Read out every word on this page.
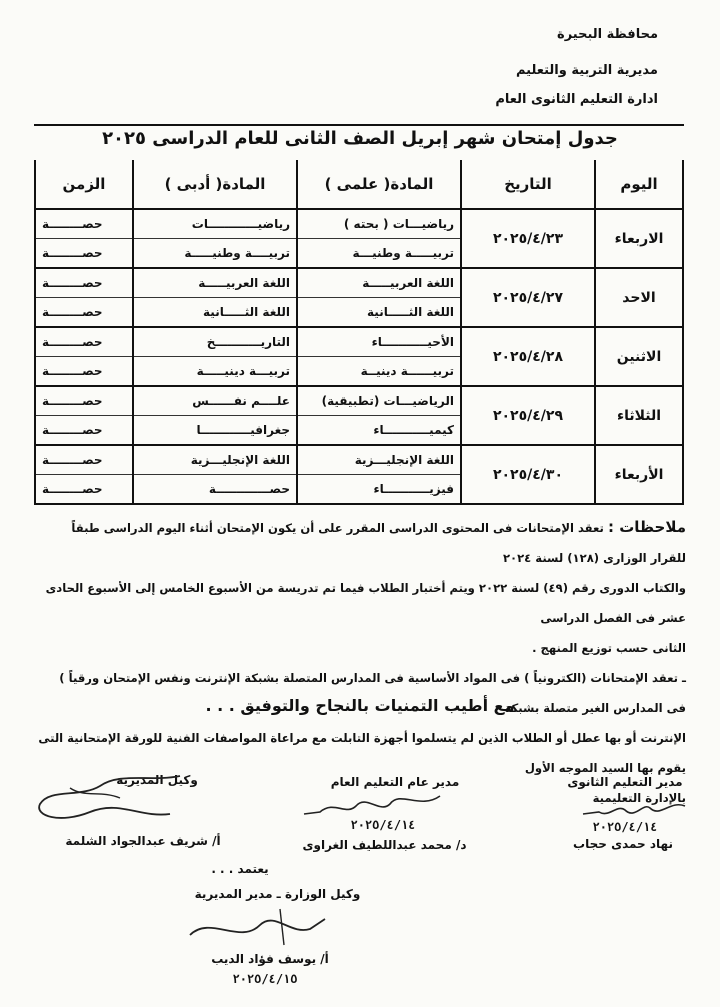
محافظة البحيرة
مديرية التربية والتعليم
ادارة التعليم الثانوى العام
جدول إمتحان شهر إبريل الصف الثانى للعام الدراسى ٢٠٢٥
اليوم	التاريخ	المادة( علمى )	المادة( أدبى )	الزمن
الاربعاء	٢٠٢٥/٤/٢٣	رياضيـــات ( بحته )	رياضيــــــــــــات	حصــــــــة
		تربيـــــة وطنيـــة	تربيــــة وطنيـــــة	حصــــــــة
الاحد	٢٠٢٥/٤/٢٧	اللغة العربيـــــة	اللغة العربيـــــة	حصــــــــة
		اللغة الثـــــانية	اللغة الثـــــانية	حصــــــــة
الاثنين	٢٠٢٥/٤/٢٨	الأحيـــــــــــاء	التاريـــــــــــخ	حصــــــــة
		تربيــــــة دينيــة	تربيـــة دينيـــــة	حصــــــــة
الثلاثاء	٢٠٢٥/٤/٢٩	الرياضيـــات (تطبيقية)	علــــم نفــــــس	حصــــــــة
		كيميـــــــــــاء	جغرافيــــــــــــا	حصــــــــة
الأربعاء	٢٠٢٥/٤/٣٠	اللغة الإنجليـــزية	اللغة الإنجليـــزية	حصــــــــة
		فيزيـــــــــــاء	حصـــــــــــــة	حصــــــــة

ملاحظات : تعقد الإمتحانات فى المحتوى الدراسى المقرر على أن يكون الإمتحان أثناء اليوم الدراسى طبقاً للقرار الوزارى (١٢٨) لسنة ٢٠٢٤

والكتاب الدورى رقم (٤٩) لسنة ٢٠٢٢ ويتم أختبار الطلاب فيما تم تدريسة من الأسبوع الخامس إلى الأسبوع الحادى عشر فى الفصل الدراسى

الثانى حسب توزيع المنهج .

ـ تعقد الإمتحانات (الكترونياً ) فى المواد الأساسية فى المدارس المتصلة بشبكة الإنترنت ونفس الإمتحان ورقياً ) فى المدارس الغير متصلة بشبكة

الإنترنت أو بها عطل أو الطلاب الذين لم يتسلموا أجهزة التابلت مع مراعاة المواصفات الفنية للورقة الإمتحانية التى يقوم بها السيد الموجه الأول

بالإدارة التعليمية

مع أطيب التمنيات بالنجاح والتوفيق . . .
مدير التعليم الثانوى
٢٠٢٥/٤/١٤
نهاد حمدى حجاب
مدير عام التعليم العام
٢٠٢٥/٤/١٤
د/ محمد عبداللطيف الغراوى
وكيل المديرية
أ/ شريف عبدالجواد الشلمة
يعتمد . . .
وكيل الوزارة ـ مدير المديرية
أ/ يوسف فؤاد الديب
٢٠٢٥/٤/١٥
